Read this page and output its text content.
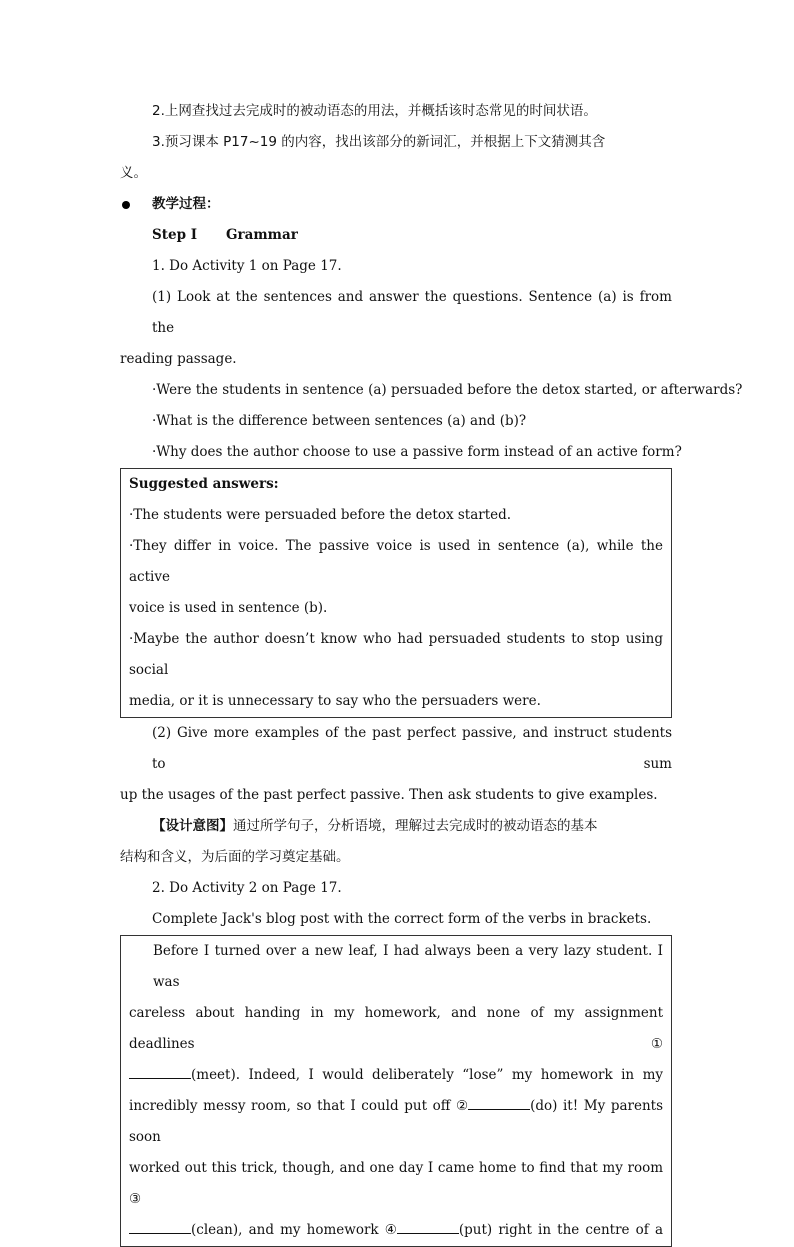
2.上网查找过去完成时的被动语态的用法，并概括该时态常见的时间状语。
3.预习课本 P17~19 的内容，找出该部分的新词汇，并根据上下文猜测其含
义。
教学过程：
Step Ⅰ	Grammar
1. Do Activity 1 on Page 17.
(1) Look at the sentences and answer the questions. Sentence (a) is from the
reading passage.
·Were the students in sentence (a) persuaded before the detox started, or afterwards?
·What is the difference between sentences (a) and (b)?
·Why does the author choose to use a passive form instead of an active form?
Suggested answers:
·The students were persuaded before the detox started.
·They differ in voice. The passive voice is used in sentence (a), while the active
voice is used in sentence (b).
·Maybe the author doesn’t know who had persuaded students to stop using social
media, or it is unnecessary to say who the persuaders were.
(2) Give more examples of the past perfect passive, and instruct students to sum
up the usages of the past perfect passive. Then ask students to give examples.
【设计意图】通过所学句子，分析语境，理解过去完成时的被动语态的基本
结构和含义，为后面的学习奠定基础。
2. Do Activity 2 on Page 17.
Complete Jack's blog post with the correct form of the verbs in brackets.
Before I turned over a new leaf, I had always been a very lazy student. I was
careless about handing in my homework, and none of my assignment deadlines	①
(meet). Indeed, I would deliberately “lose” my homework in my
incredibly messy room, so that I could put off ②	(do) it! My parents soon
worked out this trick, though, and one day I came home to find that my room ③
(clean), and my homework ④	(put) right in the centre of a
